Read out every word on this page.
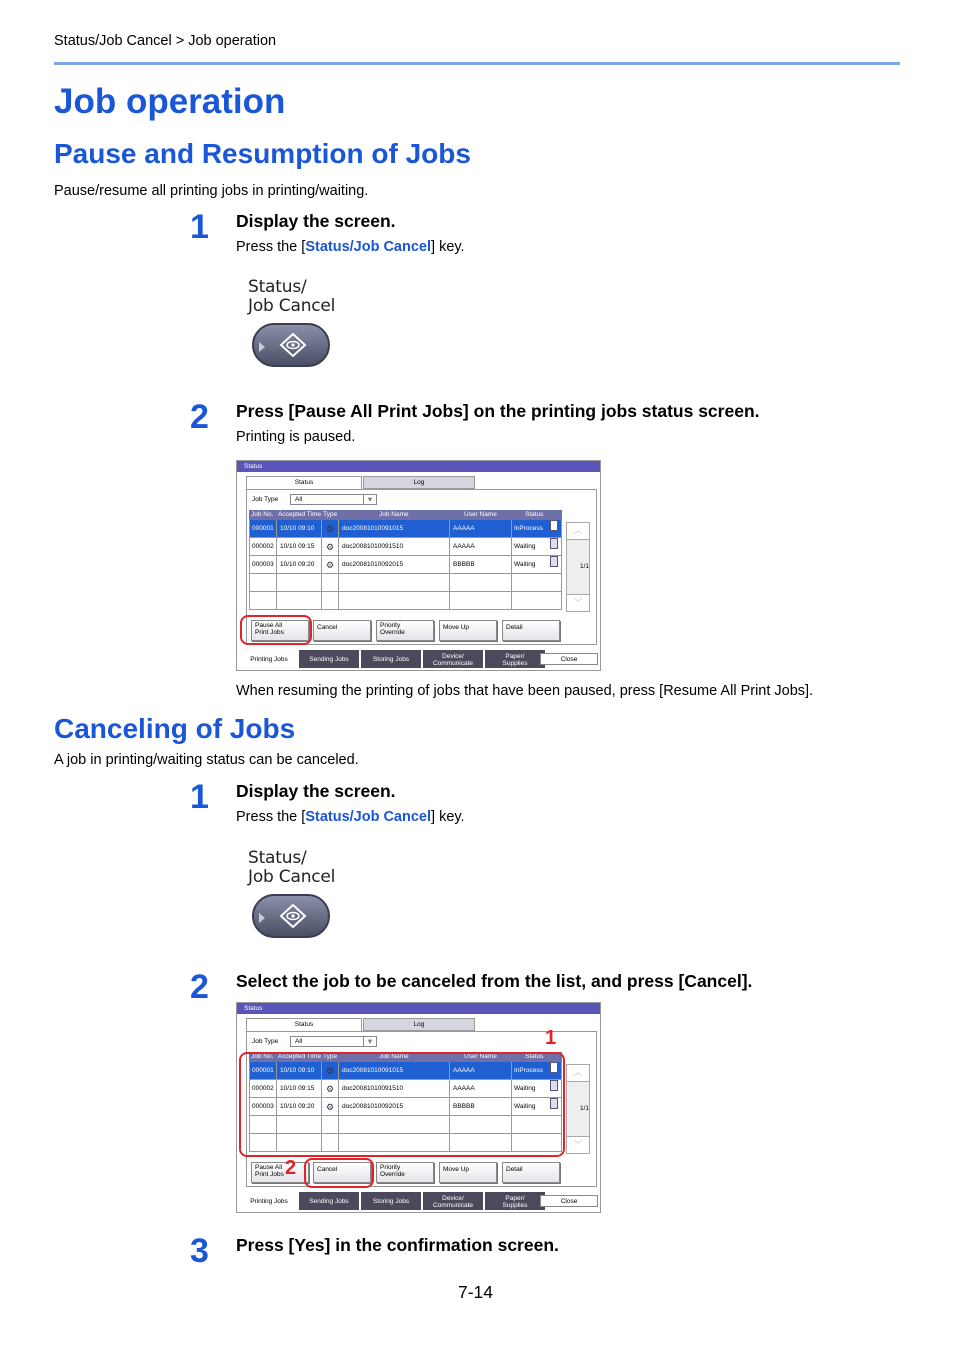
Status/Job Cancel > Job operation
Job operation
Pause and Resumption of Jobs
Pause/resume all printing jobs in printing/waiting.
1 Display the screen.
Press the [Status/Job Cancel] key.
Status/
Job Cancel
2 Press [Pause All Print Jobs] on the printing jobs status screen.
Printing is paused.
Status
Status	Log
Job Type	All	⩔
Job No. Accepted Time Type	Job Name	User Name	Status
000001 10/10 09:10 ⚙ doc20081010091015	AAAAA	InProcess
000002 10/10 09:15 ⚙ doc20081010091510	AAAAA	Waiting
000003 10/10 09:20 ⚙ doc20081010092015	BBBBB	Waiting
︿
﹀
1/1
Pause All
Print Jobs
Cancel	Priority
Override
Move Up	Detail
Printing Jobs	Sending Jobs	Storing Jobs	Device/
Communicate
Paper/
Supplies
Close
When resuming the printing of jobs that have been paused, press [Resume All Print Jobs].
Canceling of Jobs
A job in printing/waiting status can be canceled.
1 Display the screen.
Press the [Status/Job Cancel] key.
Status/
Job Cancel
2 Select the job to be canceled from the list, and press [Cancel].
Status
Status	Log
Job Type	All	⩔
Job No. Accepted Time Type	Job Name	User Name	Status
000001 10/10 09:10 ⚙ doc20081010091015	AAAAA	InProcess
000002 10/10 09:15 ⚙ doc20081010091510	AAAAA	Waiting
000003 10/10 09:20 ⚙ doc20081010092015	BBBBB	Waiting
︿
﹀
1/1
Pause All
Print Jobs
Cancel	Priority
Override
Move Up	Detail
Printing Jobs	Sending Jobs	Storing Jobs	Device/
Communicate
Paper/
Supplies
Close
1
2
3 Press [Yes] in the confirmation screen.
7-14
